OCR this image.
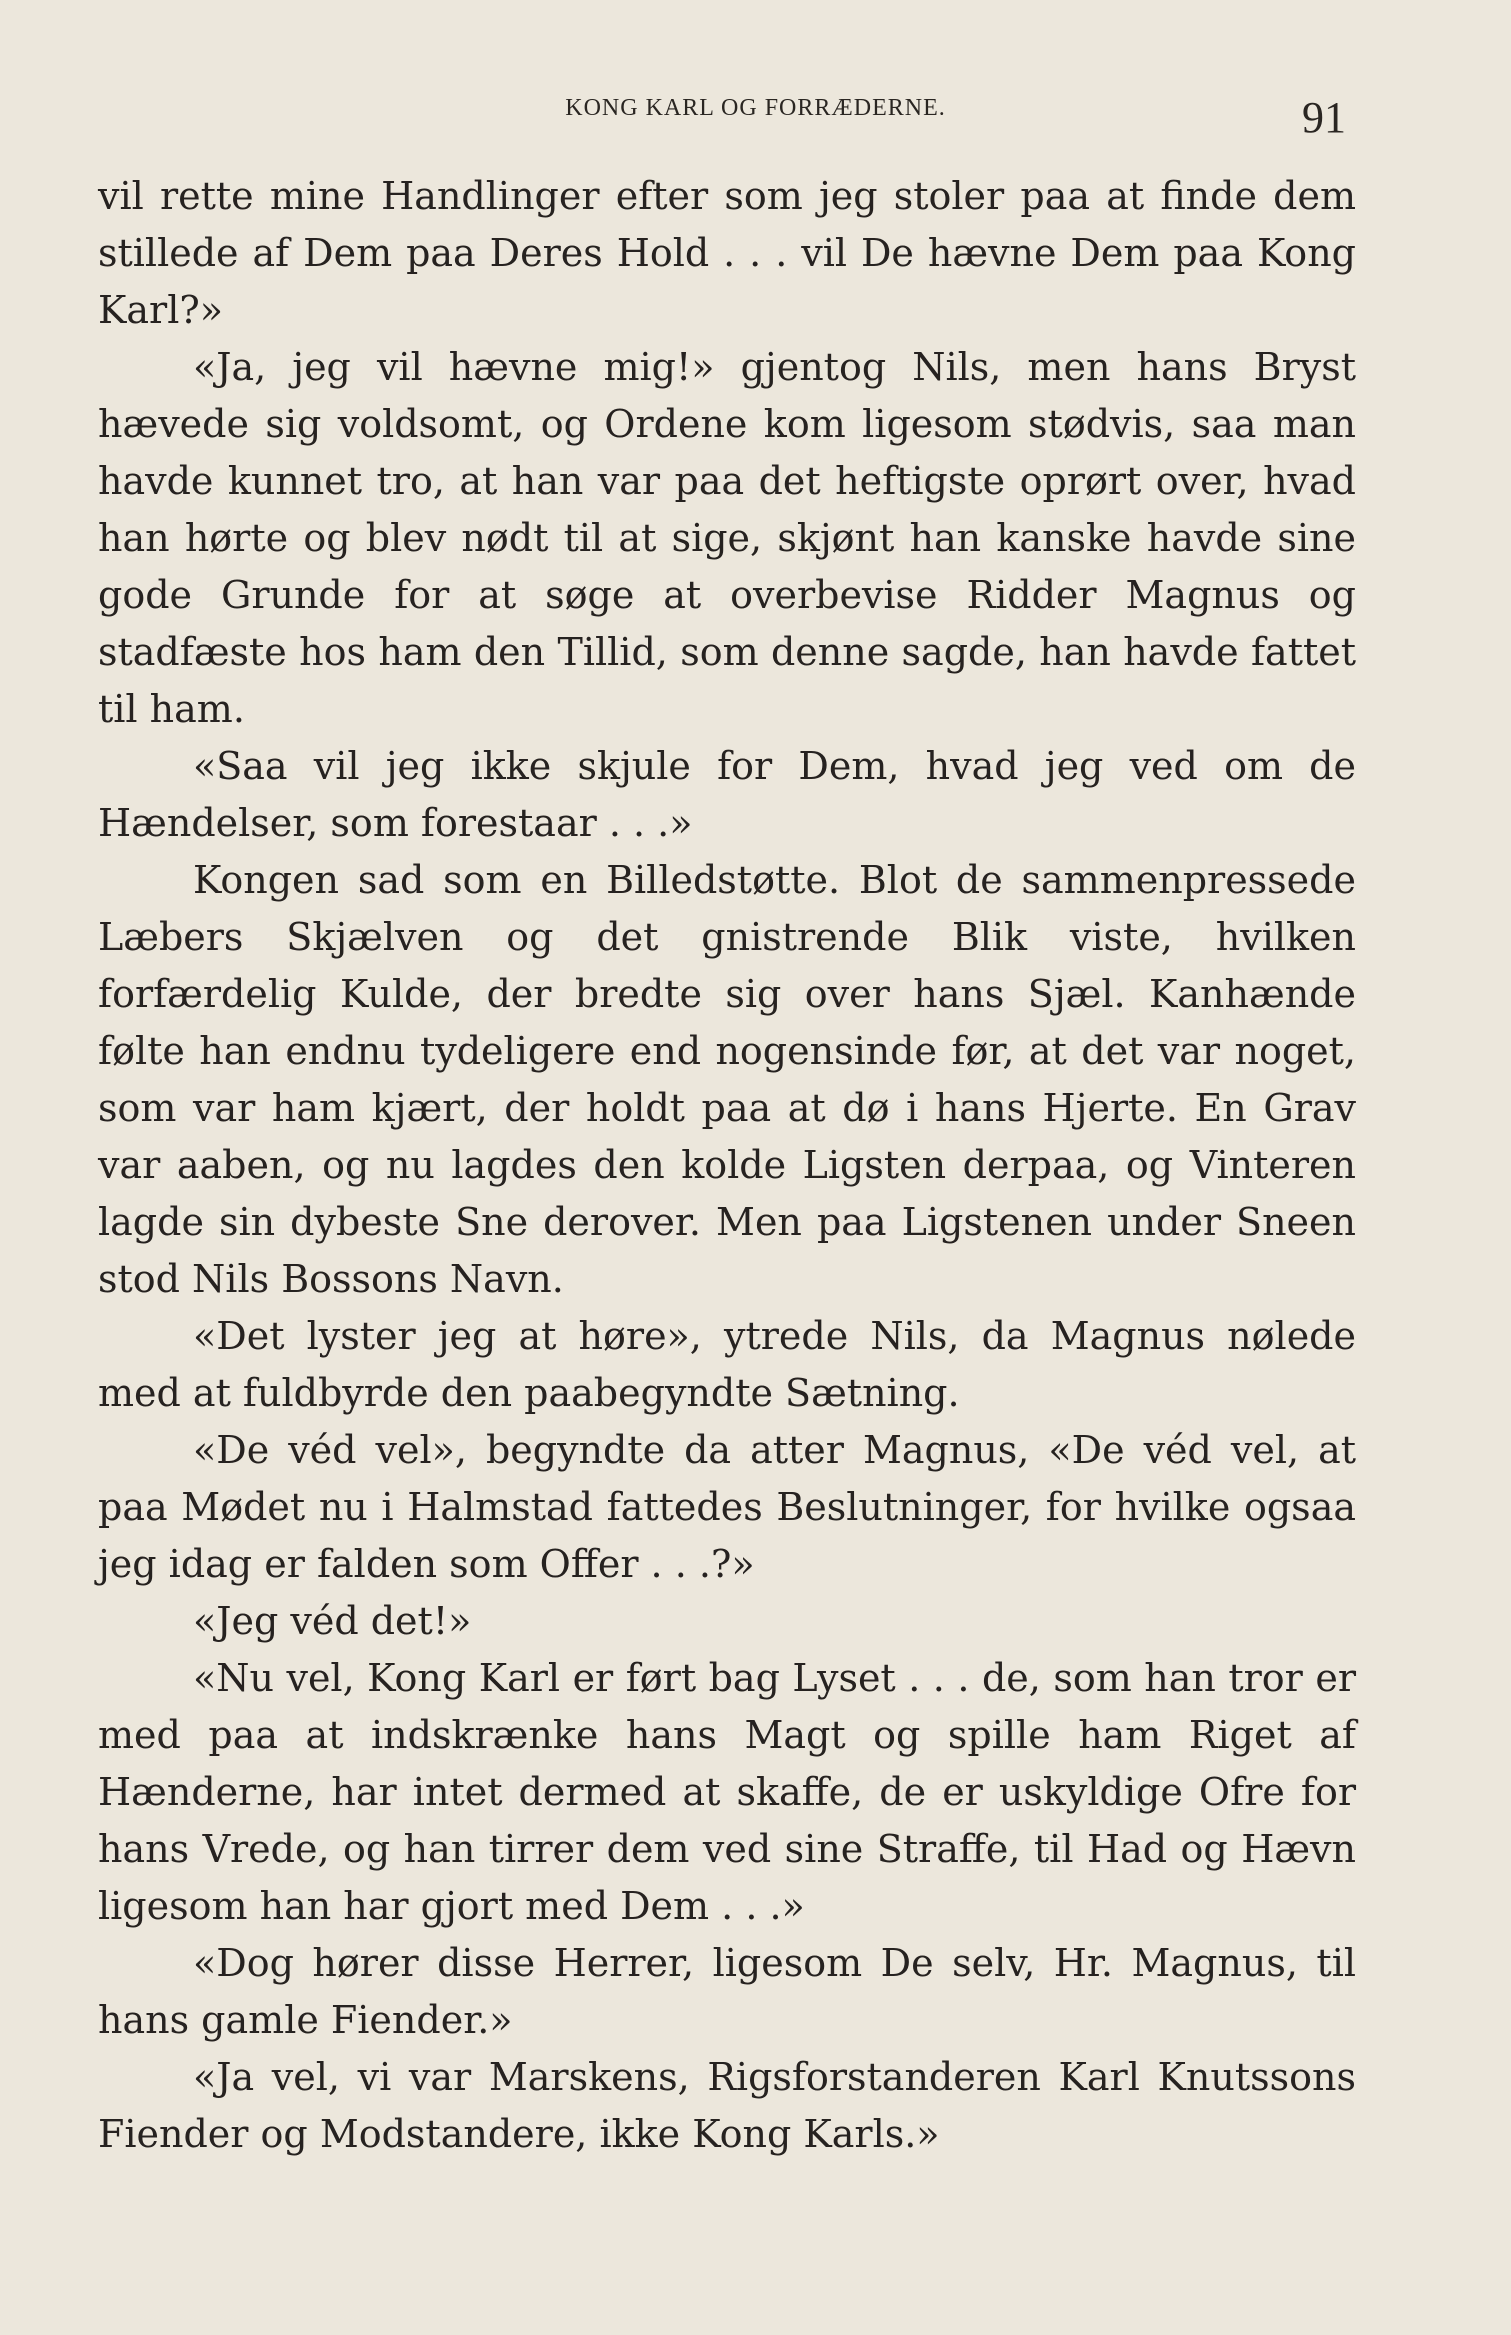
KONG KARL OG FORRÆDERNE.	91

vil rette mine Handlinger efter som jeg stoler paa at finde dem stillede af Dem paa Deres Hold . . . vil De hævne Dem paa Kong Karl?»

«Ja, jeg vil hævne mig!» gjentog Nils, men hans Bryst hævede sig voldsomt, og Ordene kom ligesom stødvis, saa man havde kunnet tro, at han var paa det heftigste oprørt over, hvad han hørte og blev nødt til at sige, skjønt han kanske havde sine gode Grunde for at søge at overbevise Ridder Magnus og stadfæste hos ham den Tillid, som denne sagde, han havde fattet til ham.

«Saa vil jeg ikke skjule for Dem, hvad jeg ved om de Hændelser, som forestaar . . .»

Kongen sad som en Billedstøtte. Blot de sammenpressede Læbers Skjælven og det gnistrende Blik viste, hvilken forfærdelig Kulde, der bredte sig over hans Sjæl. Kanhænde følte han endnu tydeligere end nogensinde før, at det var noget, som var ham kjært, der holdt paa at dø i hans Hjerte. En Grav var aaben, og nu lagdes den kolde Ligsten derpaa, og Vinteren lagde sin dybeste Sne derover. Men paa Ligstenen under Sneen stod Nils Bossons Navn.

«Det lyster jeg at høre», ytrede Nils, da Magnus nølede med at fuldbyrde den paabegyndte Sætning.

«De véd vel», begyndte da atter Magnus, «De véd vel, at paa Mødet nu i Halmstad fattedes Beslutninger, for hvilke ogsaa jeg idag er falden som Offer . . .?»

«Jeg véd det!»

«Nu vel, Kong Karl er ført bag Lyset . . . de, som han tror er med paa at indskrænke hans Magt og spille ham Riget af Hænderne, har intet dermed at skaffe, de er uskyldige Ofre for hans Vrede, og han tirrer dem ved sine Straffe, til Had og Hævn ligesom han har gjort med Dem . . .»

«Dog hører disse Herrer, ligesom De selv, Hr. Magnus, til hans gamle Fiender.»

«Ja vel, vi var Marskens, Rigsforstanderen Karl Knutssons Fiender og Modstandere, ikke Kong Karls.»
